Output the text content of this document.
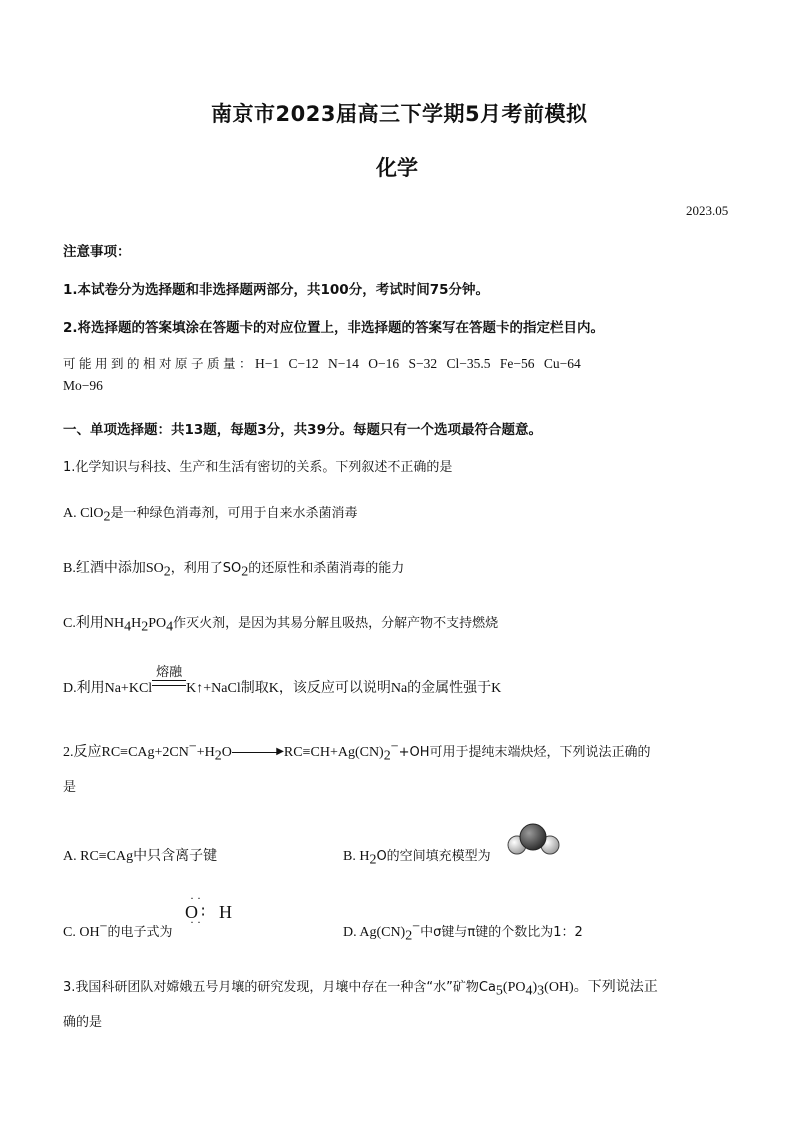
南京市2023届高三下学期5月考前模拟
化学
2023.05
注意事项：
1.本试卷分为选择题和非选择题两部分，共100分，考试时间75分钟。
2.将选择题的答案填涂在答题卡的对应位置上，非选择题的答案写在答题卡的指定栏目内。
可能用到的相对原子质量：H−1 C−12 N−14 O−16 S−32 Cl−35.5 Fe−56 Cu−64
Mo−96
一、单项选择题：共13题，每题3分，共39分。每题只有一个选项最符合题意。
1.化学知识与科技、生产和生活有密切的关系。下列叙述不正确的是
A. ClO$_2$是一种绿色消毒剂，可用于自来水杀菌消毒
B.红酒中添加$SO_2$，利用了$SO_2$的还原性和杀菌消毒的能力
C.利用$NH_4H_2PO_4$作灭火剂，是因为其易分解且吸热，分解产物不支持燃烧
D.利用Na+KCl
熔融
K↑+NaCl制取K，该反应可以说明Na的金属性强于K
2.反应$RC\equiv CAg+2CN^-+H_2O$	▶ $RC\equiv CH+Ag(CN)_2^-+OH$可用于提纯末端炔烃，下列说法正确的
是
A. RC≡CAg中只含离子键	B. $H_2O$的空间填充模型为
C. OH−的电子式为
··
O ∶ H
··
D. $Ag(CN)_2^-$中σ键与π键的个数比为1：2
3.我国科研团队对嫦娥五号月壤的研究发现，月壤中存在一种含“水”矿物$Ca_5(PO_4)_3(OH)$。下列说法正
确的是
